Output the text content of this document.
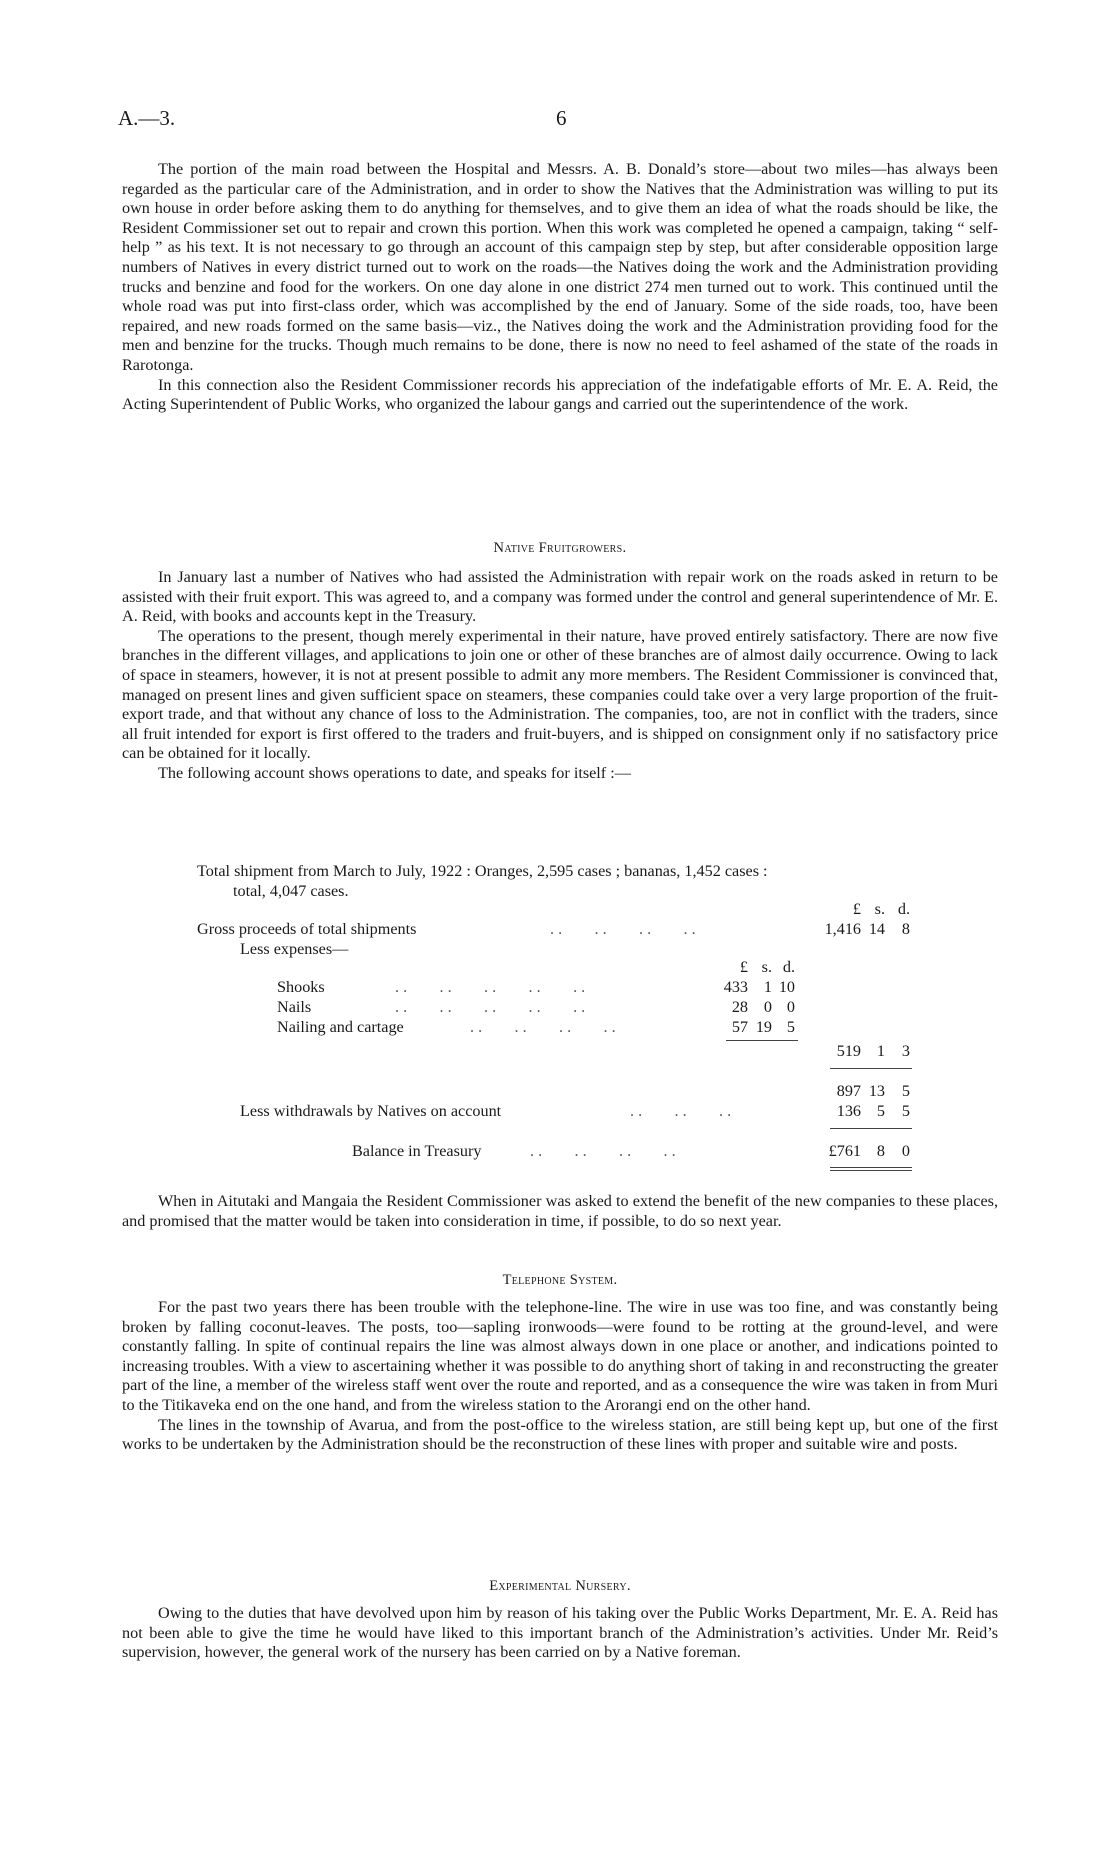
A.—3.	6

The portion of the main road between the Hospital and Messrs. A. B. Donald’s store—about two miles—has always been regarded as the particular care of the Administration, and in order to show the Natives that the Administration was willing to put its own house in order before asking them to do anything for themselves, and to give them an idea of what the roads should be like, the Resident Commissioner set out to repair and crown this portion. When this work was completed he opened a campaign, taking “ self-help ” as his text. It is not necessary to go through an account of this campaign step by step, but after considerable opposition large numbers of Natives in every district turned out to work on the roads—the Natives doing the work and the Administration providing trucks and benzine and food for the workers. On one day alone in one district 274 men turned out to work. This continued until the whole road was put into first-class order, which was accomplished by the end of January. Some of the side roads, too, have been repaired, and new roads formed on the same basis—viz., the Natives doing the work and the Administration providing food for the men and benzine for the trucks. Though much remains to be done, there is now no need to feel ashamed of the state of the roads in Rarotonga.

In this connection also the Resident Commissioner records his appreciation of the indefatigable efforts of Mr. E. A. Reid, the Acting Superintendent of Public Works, who organized the labour gangs and carried out the superintendence of the work.

Native Fruitgrowers.

In January last a number of Natives who had assisted the Administration with repair work on the roads asked in return to be assisted with their fruit export. This was agreed to, and a company was formed under the control and general superintendence of Mr. E. A. Reid, with books and accounts kept in the Treasury.

The operations to the present, though merely experimental in their nature, have proved entirely satisfactory. There are now five branches in the different villages, and applications to join one or other of these branches are of almost daily occurrence. Owing to lack of space in steamers, however, it is not at present possible to admit any more members. The Resident Commissioner is convinced that, managed on present lines and given sufficient space on steamers, these companies could take over a very large proportion of the fruit-export trade, and that without any chance of loss to the Administration. The companies, too, are not in conflict with the traders, since all fruit intended for export is first offered to the traders and fruit-buyers, and is shipped on consignment only if no satisfactory price can be obtained for it locally.

The following account shows operations to date, and speaks for itself :—

Total shipment from March to July, 1922 : Oranges, 2,595 cases ; bananas, 1,452 cases :
total, 4,047 cases.
£ s. d.
Gross proceeds of total shipments	. .        . .        . .        . .	1,416 14	8
Less expenses—
£ s. d.
Shooks	. .        . .        . .        . .        . .	433 1 10
Nails	. .        . .        . .        . .        . .	28 0 0
Nailing and cartage	. .        . .        . .        . .	57 19 5
519 1	3
897 13	5
Less withdrawals by Natives on account	. .        . .        . .	136 5	5
Balance in Treasury	. .        . .        . .        . .	£761 8	0

When in Aitutaki and Mangaia the Resident Commissioner was asked to extend the benefit of the new companies to these places, and promised that the matter would be taken into consideration in time, if possible, to do so next year.

Telephone System.

For the past two years there has been trouble with the telephone-line. The wire in use was too fine, and was constantly being broken by falling coconut-leaves. The posts, too—sapling ironwoods—were found to be rotting at the ground-level, and were constantly falling. In spite of continual repairs the line was almost always down in one place or another, and indications pointed to increasing troubles. With a view to ascertaining whether it was possible to do anything short of taking in and reconstructing the greater part of the line, a member of the wireless staff went over the route and reported, and as a consequence the wire was taken in from Muri to the Titikaveka end on the one hand, and from the wireless station to the Arorangi end on the other hand.

The lines in the township of Avarua, and from the post-office to the wireless station, are still being kept up, but one of the first works to be undertaken by the Administration should be the reconstruction of these lines with proper and suitable wire and posts.

Experimental Nursery.

Owing to the duties that have devolved upon him by reason of his taking over the Public Works Department, Mr. E. A. Reid has not been able to give the time he would have liked to this important branch of the Administration’s activities. Under Mr. Reid’s supervision, however, the general work of the nursery has been carried on by a Native foreman.
